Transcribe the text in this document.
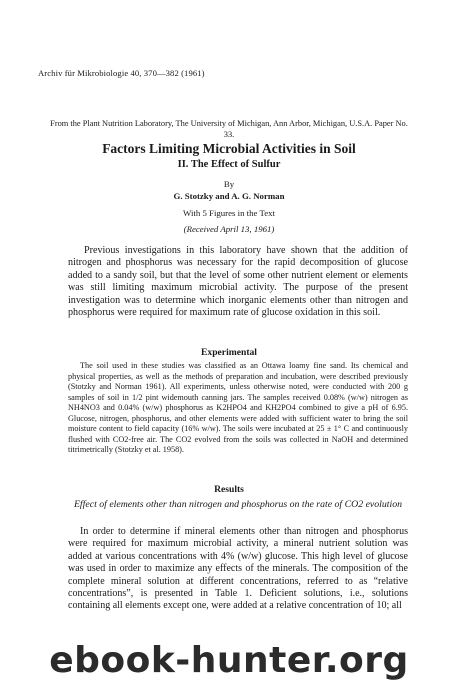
Archiv für Mikrobiologie 40, 370—382 (1961)
From the Plant Nutrition Laboratory, The University of Michigan, Ann Arbor, Michigan, U.S.A. Paper No. 33.
Factors Limiting Microbial Activities in Soil
II. The Effect of Sulfur
By
G. Stotzky and A. G. Norman
With 5 Figures in the Text
(Received April 13, 1961)

Previous investigations in this laboratory have shown that the addition of nitrogen and phosphorus was necessary for the rapid decomposition of glucose added to a sandy soil, but that the level of some other nutrient element or elements was still limiting maximum microbial activity. The purpose of the present investigation was to determine which inorganic elements other than nitrogen and phosphorus were required for maximum rate of glucose oxidation in this soil.

Experimental

The soil used in these studies was classified as an Ottawa loamy fine sand. Its chemical and physical properties, as well as the methods of preparation and incubation, were described previously (Stotzky and Norman 1961). All experiments, unless otherwise noted, were conducted with 200 g samples of soil in 1/2 pint widemouth canning jars. The samples received 0.08% (w/w) nitrogen as NH4NO3 and 0.04% (w/w) phosphorus as K2HPO4 and KH2PO4 combined to give a pH of 6.95. Glucose, nitrogen, phosphorus, and other elements were added with sufficient water to bring the soil moisture content to field capacity (16% w/w). The soils were incubated at 25 ± 1° C and continuously flushed with CO2-free air. The CO2 evolved from the soils was collected in NaOH and determined titrimetrically (Stotzky et al. 1958).

Results
Effect of elements other than nitrogen and phosphorus on the rate of CO2 evolution

In order to determine if mineral elements other than nitrogen and phosphorus were required for maximum microbial activity, a mineral nutrient solution was added at various concentrations with 4% (w/w) glucose. This high level of glucose was used in order to maximize any effects of the minerals. The composition of the complete mineral solution at different concentrations, referred to as “relative concentrations”, is presented in Table 1. Deficient solutions, i.e., solutions containing all elements except one, were added at a relative concentration of 10; all

ebook-hunter.org
